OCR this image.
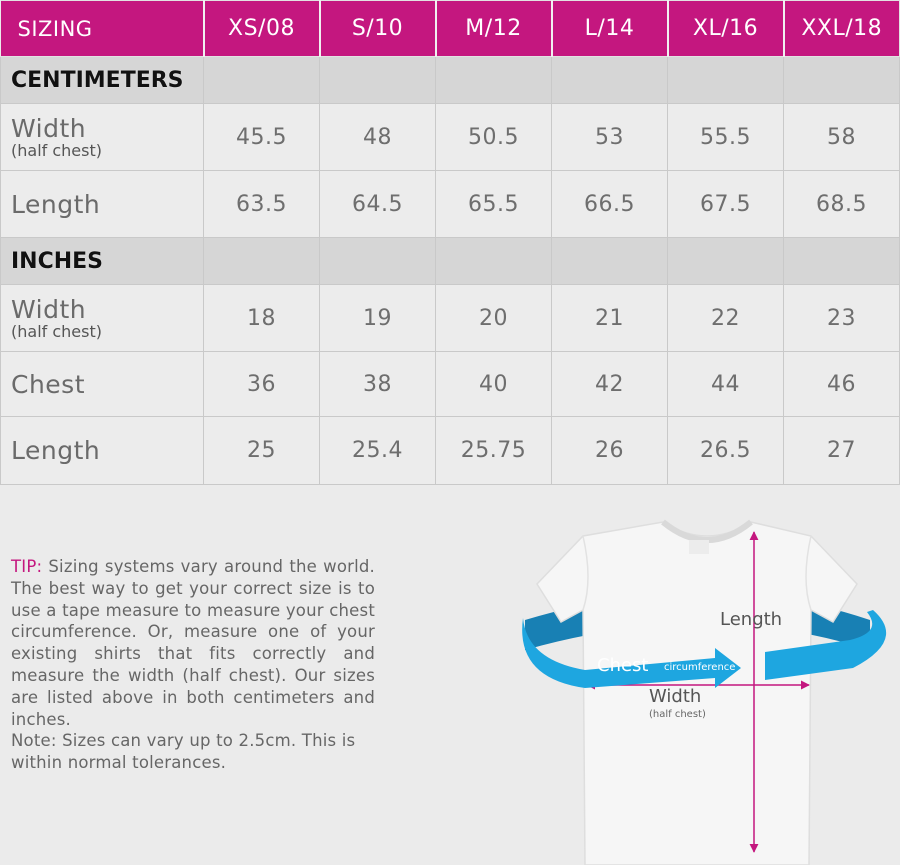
SIZING	XS/08	S/10	M/12	L/14	XL/16	XXL/18
CENTIMETERS						
Width
(half chest)	45.5	48	50.5	53	55.5	58
Length	63.5	64.5	65.5	66.5	67.5	68.5
INCHES						
Width
(half chest)	18	19	20	21	22	23
Chest	36	38	40	42	44	46
Length	25	25.4	25.75	26	26.5	27
TIP: Sizing systems vary around the world. The best way to get your correct size is to use a tape measure to measure your chest circumference. Or, measure one of your existing shirts that fits correctly and measure the width (half chest). Our sizes are listed above in both centimeters and inches.
Note: Sizes can vary up to 2.5cm. This is within normal tolerances.
Length
Width
(half chest)
Chest circumference
